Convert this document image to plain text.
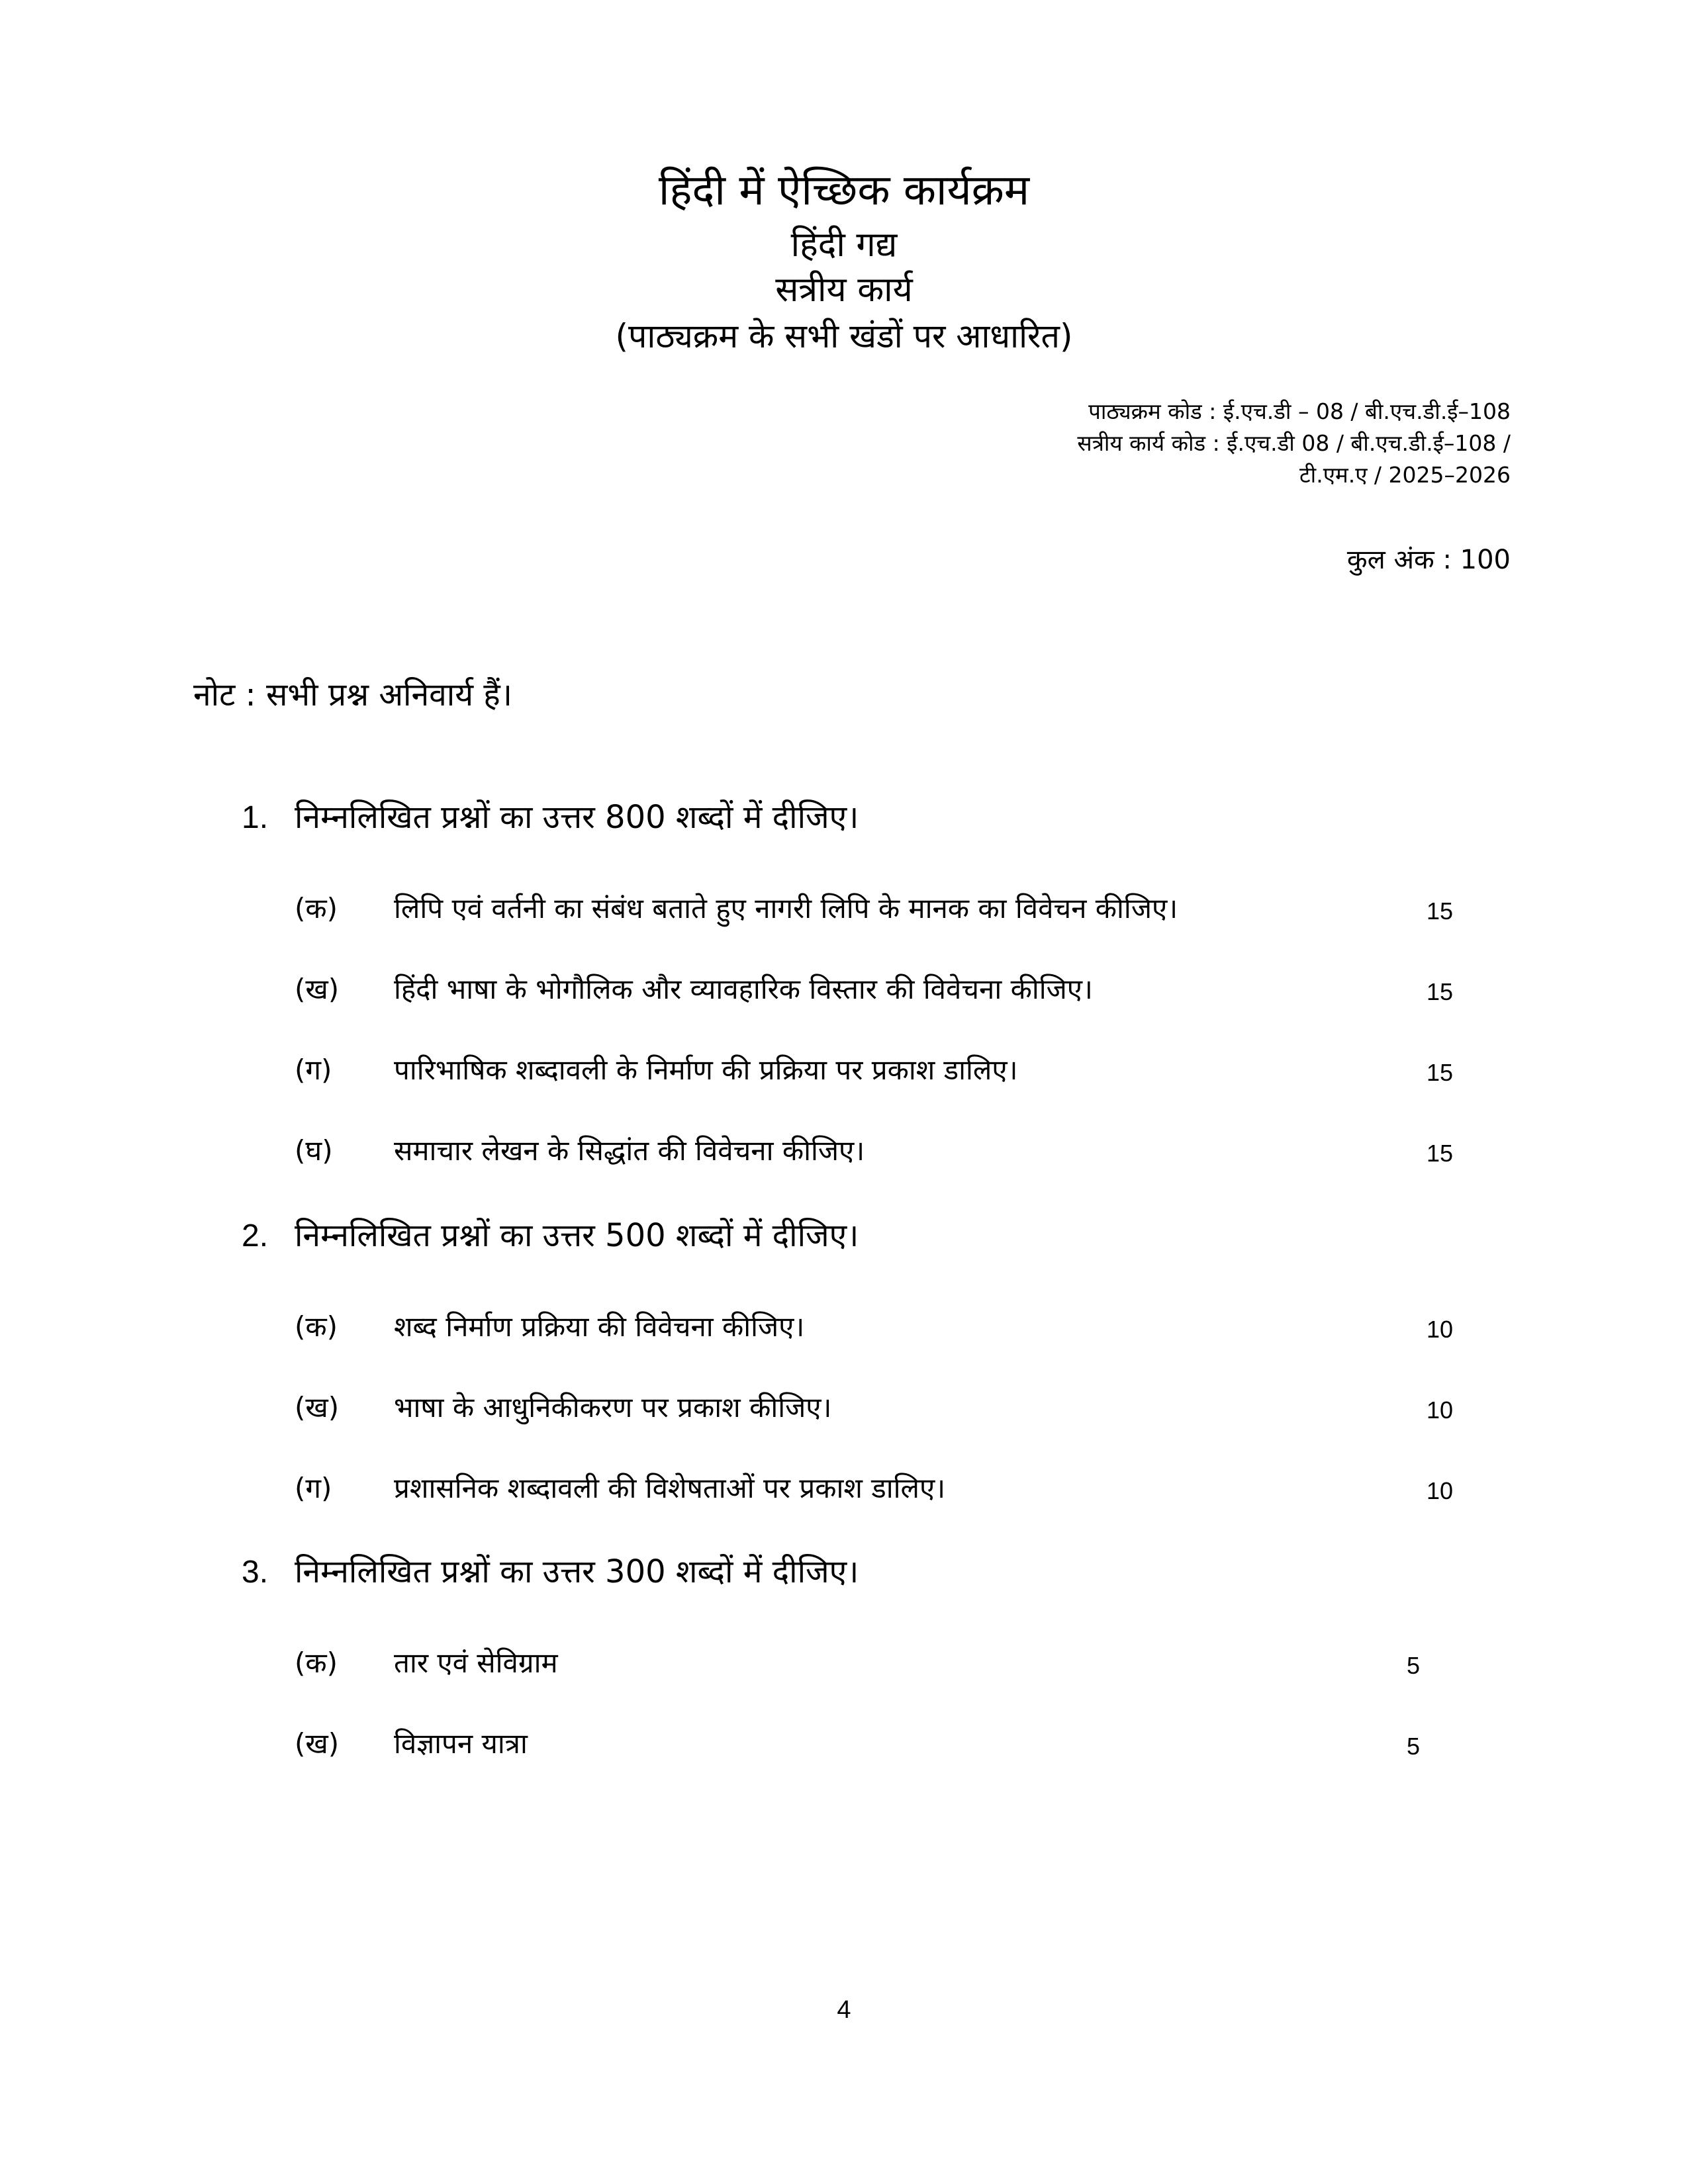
हिंदी में ऐच्छिक कार्यक्रम
हिंदी गद्य
सत्रीय कार्य
(पाठ्यक्रम के सभी खंडों पर आधारित)
पाठ्यक्रम कोड : ई.एच.डी – 08 / बी.एच.डी.ई–108
सत्रीय कार्य कोड : ई.एच.डी 08 / बी.एच.डी.ई–108 /
टी.एम.ए / 2025–2026
कुल अंक : 100
नोट : सभी प्रश्न अनिवार्य हैं।
1. निम्नलिखित प्रश्नों का उत्तर 800 शब्दों में दीजिए।
(क) लिपि एवं वर्तनी का संबंध बताते हुए नागरी लिपि के मानक का विवेचन कीजिए।	15
(ख) हिंदी भाषा के भोगौलिक और व्यावहारिक विस्तार की विवेचना कीजिए।	15
(ग) पारिभाषिक शब्दावली के निर्माण की प्रक्रिया पर प्रकाश डालिए।	15
(घ) समाचार लेखन के सिद्धांत की विवेचना कीजिए।	15
2. निम्नलिखित प्रश्नों का उत्तर 500 शब्दों में दीजिए।
(क) शब्द निर्माण प्रक्रिया की विवेचना कीजिए।	10
(ख) भाषा के आधुनिकीकरण पर प्रकाश कीजिए।	10
(ग) प्रशासनिक शब्दावली की विशेषताओं पर प्रकाश डालिए।	10
3. निम्नलिखित प्रश्नों का उत्तर 300 शब्दों में दीजिए।
(क) तार एवं सेविग्राम	5
(ख) विज्ञापन यात्रा	5
4
